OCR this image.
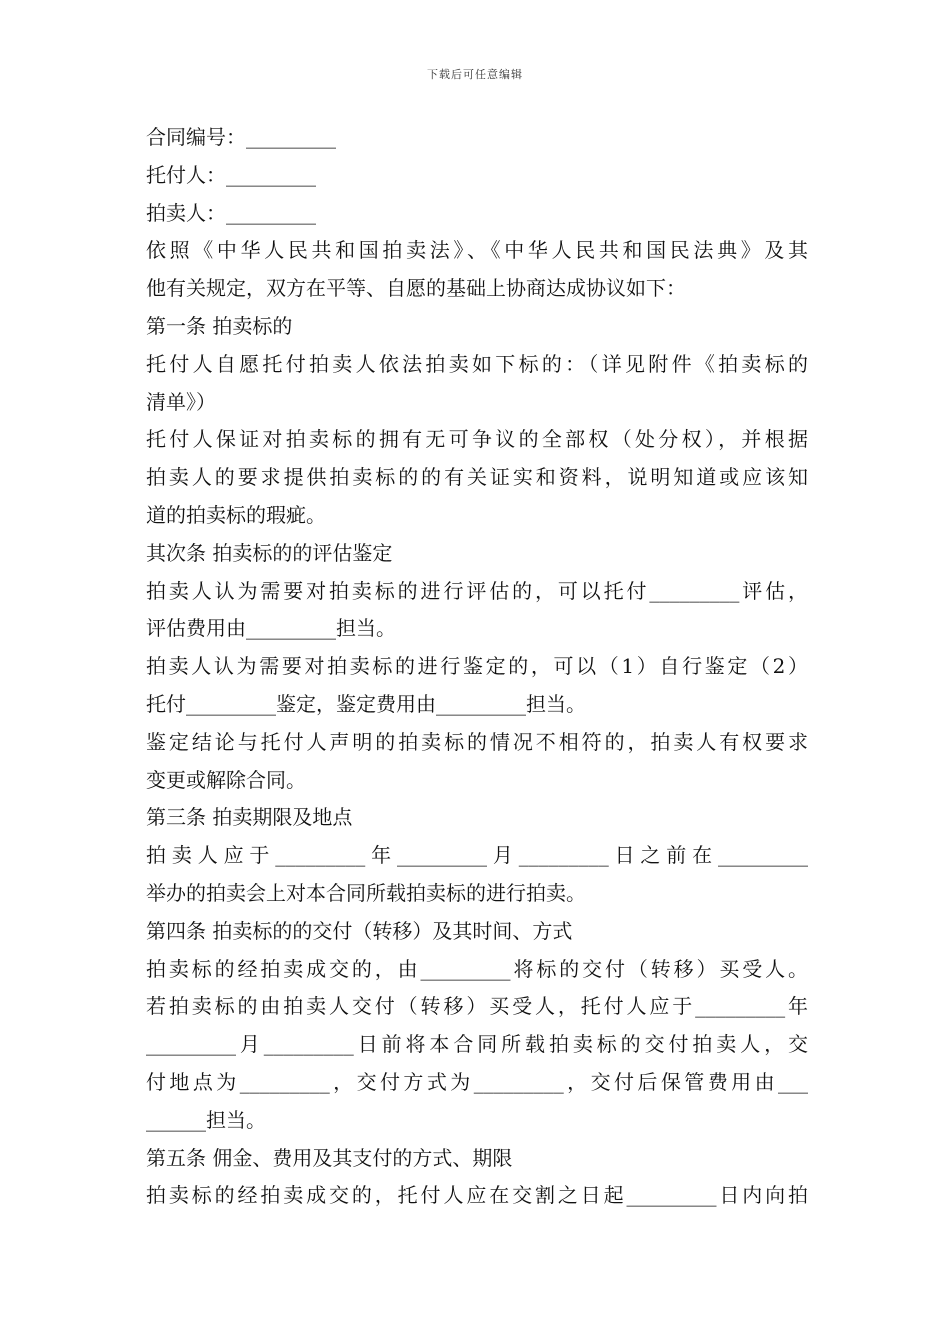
下载后可任意编辑
合同编号：_________
托付人：_________
拍卖人：_________
依照《中华人民共和国拍卖法》、《中华人民共和国民法典》及其
他有关规定，双方在平等、自愿的基础上协商达成协议如下：
第一条 拍卖标的
托付人自愿托付拍卖人依法拍卖如下标的：（详见附件《拍卖标的
清单》）
托付人保证对拍卖标的拥有无可争议的全部权（处分权），并根据
拍卖人的要求提供拍卖标的的有关证实和资料，说明知道或应该知
道的拍卖标的瑕疵。
其次条 拍卖标的的评估鉴定
拍卖人认为需要对拍卖标的进行评估的，可以托付_________评估，
评估费用由_________担当。
拍卖人认为需要对拍卖标的进行鉴定的，可以（1）自行鉴定（2）
托付_________鉴定，鉴定费用由_________担当。
鉴定结论与托付人声明的拍卖标的情况不相符的，拍卖人有权要求
变更或解除合同。
第三条 拍卖期限及地点
拍卖人应于_________年_________月_________日之前在_________
举办的拍卖会上对本合同所载拍卖标的进行拍卖。
第四条 拍卖标的的交付（转移）及其时间、方式
拍卖标的经拍卖成交的，由_________将标的交付（转移）买受人。
若拍卖标的由拍卖人交付（转移）买受人，托付人应于_________年
_________月_________日前将本合同所载拍卖标的交付拍卖人，交
付地点为_________，交付方式为_________，交付后保管费用由___
______担当。
第五条 佣金、费用及其支付的方式、期限
拍卖标的经拍卖成交的，托付人应在交割之日起_________日内向拍
